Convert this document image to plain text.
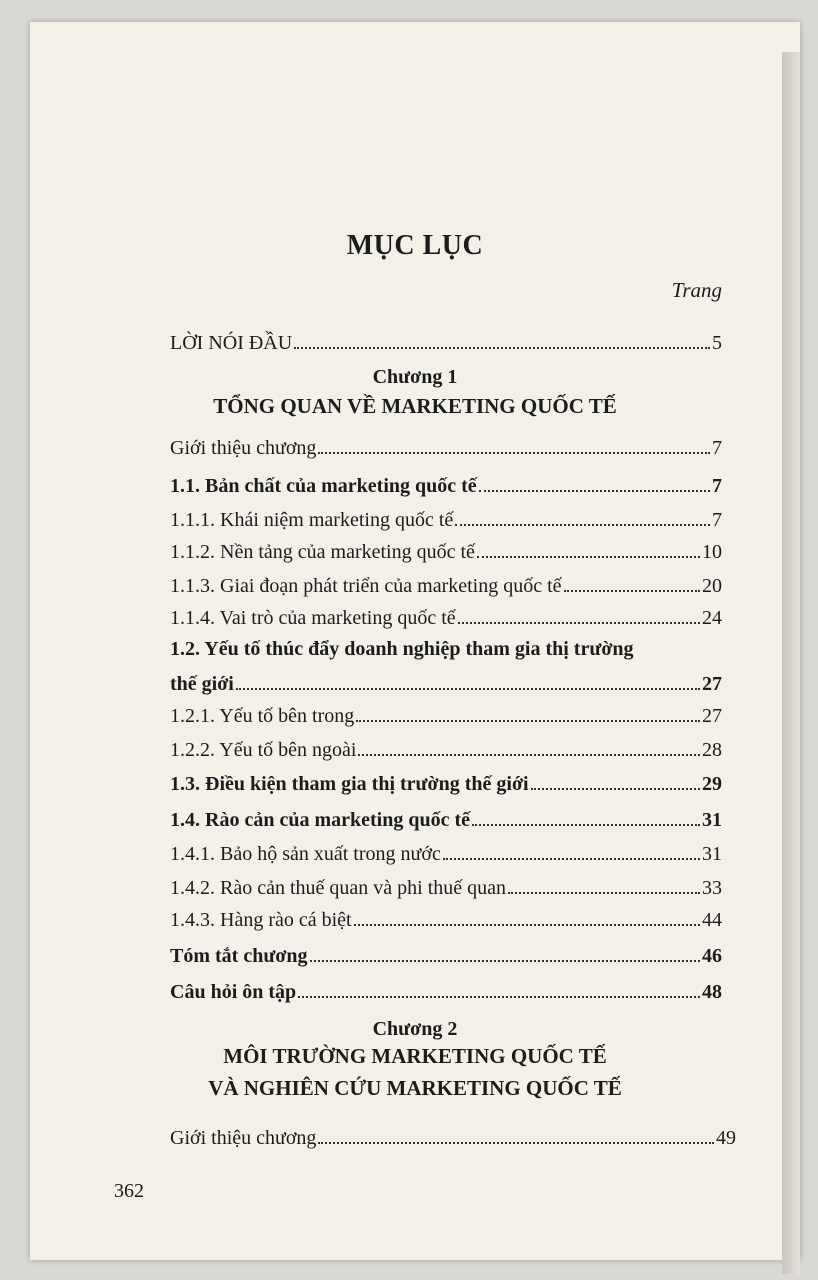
MỤC LỤC
Trang
LỜI NÓI ĐẦU	5
Chương 1
TỔNG QUAN VỀ MARKETING QUỐC TẾ
Giới thiệu chương	7
1.1. Bản chất của marketing quốc tế	7
1.1.1. Khái niệm marketing quốc tế	7
1.1.2. Nền tảng của marketing quốc tế	10
1.1.3. Giai đoạn phát triển của marketing quốc tế	20
1.1.4. Vai trò của marketing quốc tế	24
1.2. Yếu tố thúc đẩy doanh nghiệp tham gia thị trường
thế giới	27
1.2.1. Yếu tố bên trong	27
1.2.2. Yếu tố bên ngoài	28
1.3. Điều kiện tham gia thị trường thế giới	29
1.4. Rào cản của marketing quốc tế	31
1.4.1. Bảo hộ sản xuất trong nước	31
1.4.2. Rào cản thuế quan và phi thuế quan	33
1.4.3. Hàng rào cá biệt	44
Tóm tắt chương	46
Câu hỏi ôn tập	48
Chương 2
MÔI TRƯỜNG MARKETING QUỐC TẾ
VÀ NGHIÊN CỨU MARKETING QUỐC TẾ
Giới thiệu chương	49
362
